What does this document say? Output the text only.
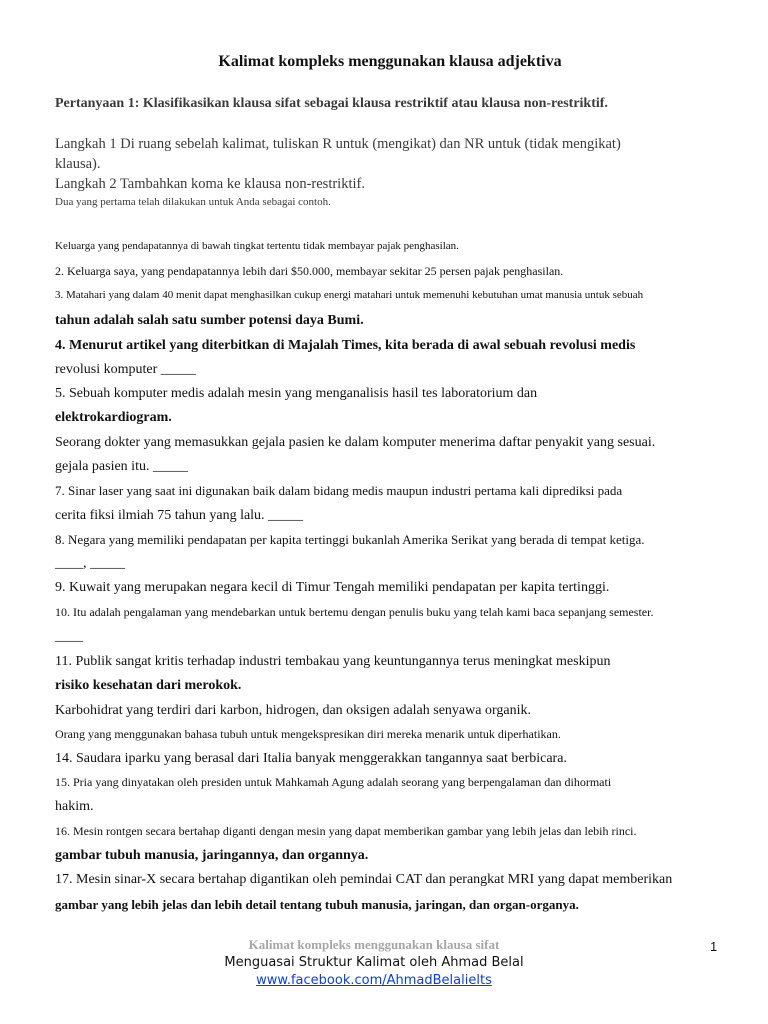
Kalimat kompleks menggunakan klausa adjektiva
Pertanyaan 1: Klasifikasikan klausa sifat sebagai klausa restriktif atau klausa non-restriktif.
Langkah 1 Di ruang sebelah kalimat, tuliskan R untuk (mengikat) dan NR untuk (tidak mengikat)
klausa).
Langkah 2 Tambahkan koma ke klausa non-restriktif.
Dua yang pertama telah dilakukan untuk Anda sebagai contoh.
Keluarga yang pendapatannya di bawah tingkat tertentu tidak membayar pajak penghasilan.
2. Keluarga saya, yang pendapatannya lebih dari $50.000, membayar sekitar 25 persen pajak penghasilan.
3. Matahari yang dalam 40 menit dapat menghasilkan cukup energi matahari untuk memenuhi kebutuhan umat manusia untuk sebuah
tahun adalah salah satu sumber potensi daya Bumi.
4. Menurut artikel yang diterbitkan di Majalah Times, kita berada di awal sebuah revolusi medis
revolusi komputer _____
5. Sebuah komputer medis adalah mesin yang menganalisis hasil tes laboratorium dan
elektrokardiogram.
Seorang dokter yang memasukkan gejala pasien ke dalam komputer menerima daftar penyakit yang sesuai.
gejala pasien itu. _____
7. Sinar laser yang saat ini digunakan baik dalam bidang medis maupun industri pertama kali diprediksi pada
cerita fiksi ilmiah 75 tahun yang lalu. _____
8. Negara yang memiliki pendapatan per kapita tertinggi bukanlah Amerika Serikat yang berada di tempat ketiga.
____, _____
9. Kuwait yang merupakan negara kecil di Timur Tengah memiliki pendapatan per kapita tertinggi.
10. Itu adalah pengalaman yang mendebarkan untuk bertemu dengan penulis buku yang telah kami baca sepanjang semester.
____
11. Publik sangat kritis terhadap industri tembakau yang keuntungannya terus meningkat meskipun
risiko kesehatan dari merokok.
Karbohidrat yang terdiri dari karbon, hidrogen, dan oksigen adalah senyawa organik.
Orang yang menggunakan bahasa tubuh untuk mengekspresikan diri mereka menarik untuk diperhatikan.
14. Saudara iparku yang berasal dari Italia banyak menggerakkan tangannya saat berbicara.
15. Pria yang dinyatakan oleh presiden untuk Mahkamah Agung adalah seorang yang berpengalaman dan dihormati
hakim.
16. Mesin rontgen secara bertahap diganti dengan mesin yang dapat memberikan gambar yang lebih jelas dan lebih rinci.
gambar tubuh manusia, jaringannya, dan organnya.
17. Mesin sinar-X secara bertahap digantikan oleh pemindai CAT dan perangkat MRI yang dapat memberikan
gambar yang lebih jelas dan lebih detail tentang tubuh manusia, jaringan, dan organ-organya.
Kalimat kompleks menggunakan klausa sifat	1
Menguasai Struktur Kalimat oleh Ahmad Belal
www.facebook.com/AhmadBelalielts
